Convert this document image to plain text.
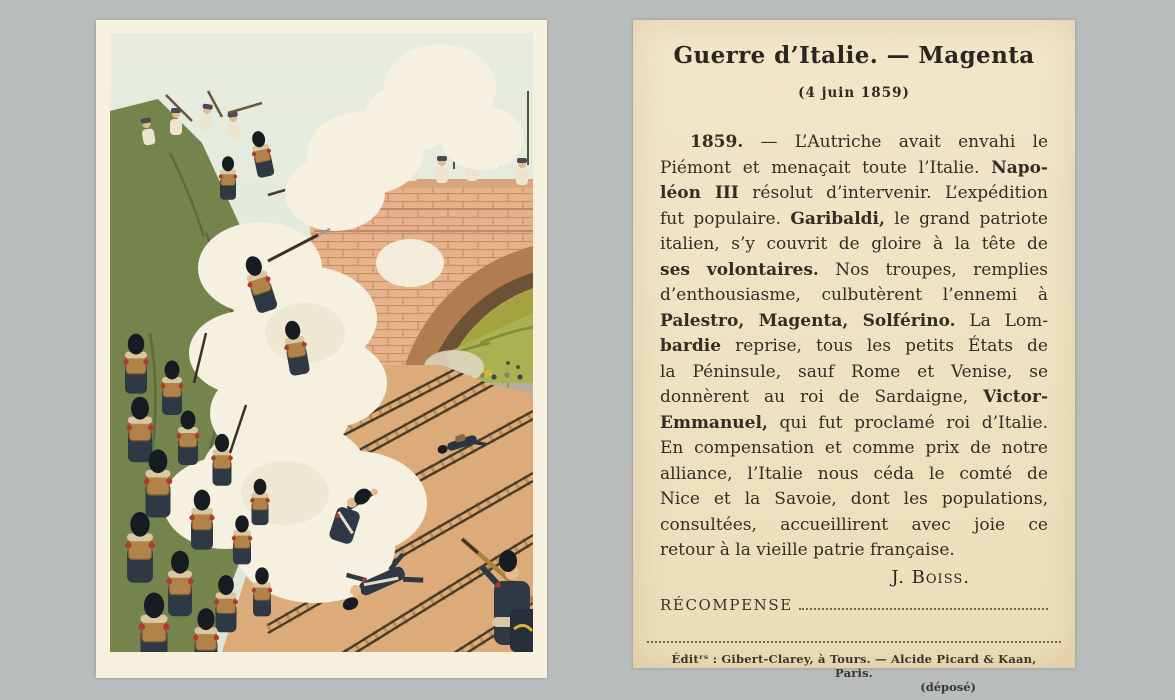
Guerre d’Italie. — Magenta
(4 juin 1859)
1859. — L’Autriche avait envahi le
Piémont et menaçait toute l’Italie. Napo-
léon III résolut d’intervenir. L’expédition
fut populaire. Garibaldi, le grand patriote
italien, s’y couvrit de gloire à la tête de
ses volontaires. Nos troupes, remplies
d’enthousiasme, culbutèrent l’ennemi à
Palestro, Magenta, Solférino. La Lom-
bardie reprise, tous les petits États de
la Péninsule, sauf Rome et Venise, se
donnèrent au roi de Sardaigne, Victor-
Emmanuel, qui fut proclamé roi d’Italie.
En compensation et comme prix de notre
alliance, l’Italie nous céda le comté de
Nice et la Savoie, dont les populations,
consultées, accueillirent avec joie ce
retour à la vieille patrie française.
J. Boiss.
RÉCOMPENSE
Éditʳˢ : Gibert-Clarey, à Tours. — Alcide Picard & Kaan, Paris.
(déposé)
